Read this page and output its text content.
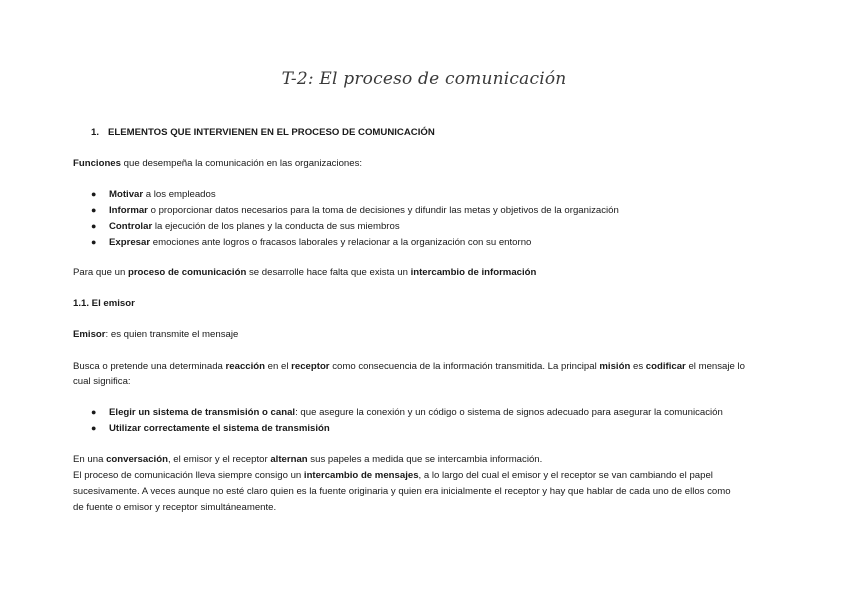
T-2: El proceso de comunicación

1. ELEMENTOS QUE INTERVIENEN EN EL PROCESO DE COMUNICACIÓN

Funciones que desempeña la comunicación en las organizaciones:

● Motivar a los empleados
● Informar o proporcionar datos necesarios para la toma de decisiones y difundir las metas y objetivos de la organización
● Controlar la ejecución de los planes y la conducta de sus miembros
● Expresar emociones ante logros o fracasos laborales y relacionar a la organización con su entorno

Para que un proceso de comunicación se desarrolle hace falta que exista un intercambio de información

1.1. El emisor

Emisor: es quien transmite el mensaje

Busca o pretende una determinada reacción en el receptor como consecuencia de la información transmitida. La principal misión es codificar el mensaje lo
cual significa:

● Elegir un sistema de transmisión o canal: que asegure la conexión y un código o sistema de signos adecuado para asegurar la comunicación
● Utilizar correctamente el sistema de transmisión

En una conversación, el emisor y el receptor alternan sus papeles a medida que se intercambia información.
El proceso de comunicación lleva siempre consigo un intercambio de mensajes, a lo largo del cual el emisor y el receptor se van cambiando el papel
sucesivamente. A veces aunque no esté claro quien es la fuente originaria y quien era inicialmente el receptor y hay que hablar de cada uno de ellos como
de fuente o emisor y receptor simultáneamente.
